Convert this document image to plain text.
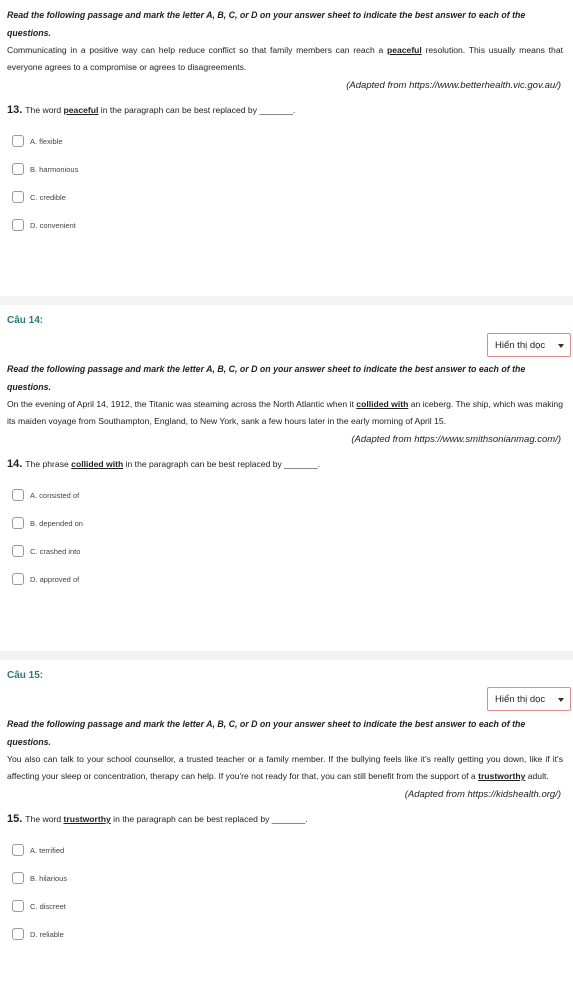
Read the following passage and mark the letter A, B, C, or D on your answer sheet to indicate the best answer to each of the questions.

Communicating in a positive way can help reduce conflict so that family members can reach a peaceful resolution. This usually means that everyone agrees to a compromise or agrees to disagreements.

(Adapted from https://www.betterhealth.vic.gov.au/)
13. The word peaceful in the paragraph can be best replaced by _______.
A. flexible
B. harmonious
C. credible
D. convenient
Câu 14:
Hiển thị dọc

Read the following passage and mark the letter A, B, C, or D on your answer sheet to indicate the best answer to each of the questions.

On the evening of April 14, 1912, the Titanic was steaming across the North Atlantic when it collided with an iceberg. The ship, which was making its maiden voyage from Southampton, England, to New York, sank a few hours later in the early morning of April 15.

(Adapted from https://www.smithsonianmag.com/)
14. The phrase collided with in the paragraph can be best replaced by _______.
A. consisted of
B. depended on
C. crashed into
D. approved of
Câu 15:
Hiển thị dọc

Read the following passage and mark the letter A, B, C, or D on your answer sheet to indicate the best answer to each of the questions.

You also can talk to your school counsellor, a trusted teacher or a family member. If the bullying feels like it's really getting you down, like if it's affecting your sleep or concentration, therapy can help. If you're not ready for that, you can still benefit from the support of a trustworthy adult.

(Adapted from https://kidshealth.org/)
15. The word trustworthy in the paragraph can be best replaced by _______.
A. terrified
B. hilarious
C. discreet
D. reliable
